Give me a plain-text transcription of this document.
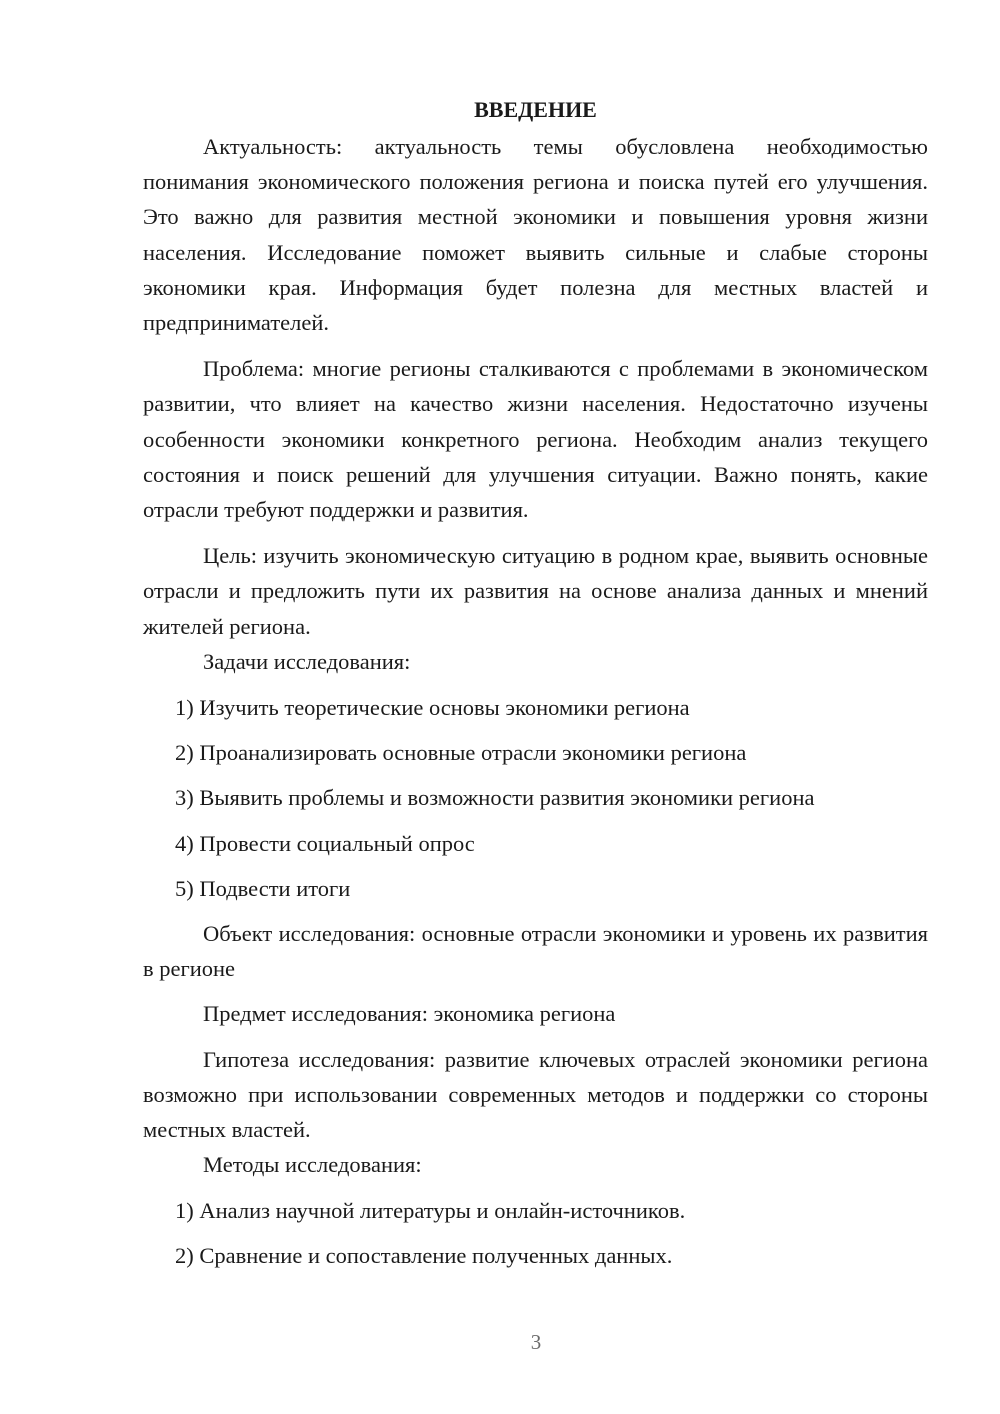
ВВЕДЕНИЕ

Актуальность: актуальность темы обусловлена необходимостью понимания экономического положения региона и поиска путей его улучшения. Это важно для развития местной экономики и повышения уровня жизни населения. Исследование поможет выявить сильные и слабые стороны экономики края. Информация будет полезна для местных властей и предпринимателей.

Проблема: многие регионы сталкиваются с проблемами в экономическом развитии, что влияет на качество жизни населения. Недостаточно изучены особенности экономики конкретного региона. Необходим анализ текущего состояния и поиск решений для улучшения ситуации. Важно понять, какие отрасли требуют поддержки и развития.

Цель: изучить экономическую ситуацию в родном крае, выявить основные отрасли и предложить пути их развития на основе анализа данных и мнений жителей региона.

Задачи исследования:

1) Изучить теоретические основы экономики региона
2) Проанализировать основные отрасли экономики региона
3) Выявить проблемы и возможности развития экономики региона
4) Провести социальный опрос
5) Подвести итоги

Объект исследования: основные отрасли экономики и уровень их развития в регионе

Предмет исследования: экономика региона

Гипотеза исследования: развитие ключевых отраслей экономики региона возможно при использовании современных методов и поддержки со стороны местных властей.

Методы исследования:

1) Анализ научной литературы и онлайн-источников.
2) Сравнение и сопоставление полученных данных.
3
